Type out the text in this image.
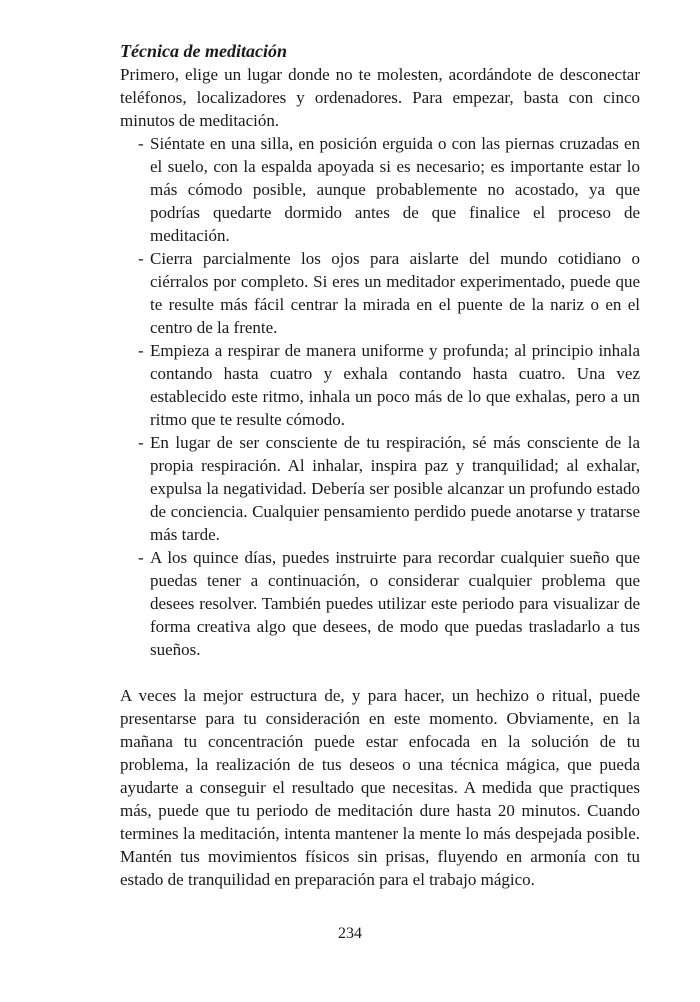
Técnica de meditación

Primero, elige un lugar donde no te molesten, acordándote de desconectar teléfonos, localizadores y ordenadores. Para empezar, basta con cinco minutos de meditación.

- Siéntate en una silla, en posición erguida o con las piernas cruzadas en el suelo, con la espalda apoyada si es necesario; es importante estar lo más cómodo posible, aunque probablemente no acostado, ya que podrías quedarte dormido antes de que finalice el proceso de meditación.
- Cierra parcialmente los ojos para aislarte del mundo cotidiano o ciérralos por completo. Si eres un meditador experimentado, puede que te resulte más fácil centrar la mirada en el puente de la nariz o en el centro de la frente.
- Empieza a respirar de manera uniforme y profunda; al principio inhala contando hasta cuatro y exhala contando hasta cuatro. Una vez establecido este ritmo, inhala un poco más de lo que exhalas, pero a un ritmo que te resulte cómodo.
- En lugar de ser consciente de tu respiración, sé más consciente de la propia respiración. Al inhalar, inspira paz y tranquilidad; al exhalar, expulsa la negatividad. Debería ser posible alcanzar un profundo estado de conciencia. Cualquier pensamiento perdido puede anotarse y tratarse más tarde.
- A los quince días, puedes instruirte para recordar cualquier sueño que puedas tener a continuación, o considerar cualquier problema que desees resolver. También puedes utilizar este periodo para visualizar de forma creativa algo que desees, de modo que puedas trasladarlo a tus sueños.

A veces la mejor estructura de, y para hacer, un hechizo o ritual, puede presentarse para tu consideración en este momento. Obviamente, en la mañana tu concentración puede estar enfocada en la solución de tu problema, la realización de tus deseos o una técnica mágica, que pueda ayudarte a conseguir el resultado que necesitas. A medida que practiques más, puede que tu periodo de meditación dure hasta 20 minutos. Cuando termines la meditación, intenta mantener la mente lo más despejada posible. Mantén tus movimientos físicos sin prisas, fluyendo en armonía con tu estado de tranquilidad en preparación para el trabajo mágico.

234
